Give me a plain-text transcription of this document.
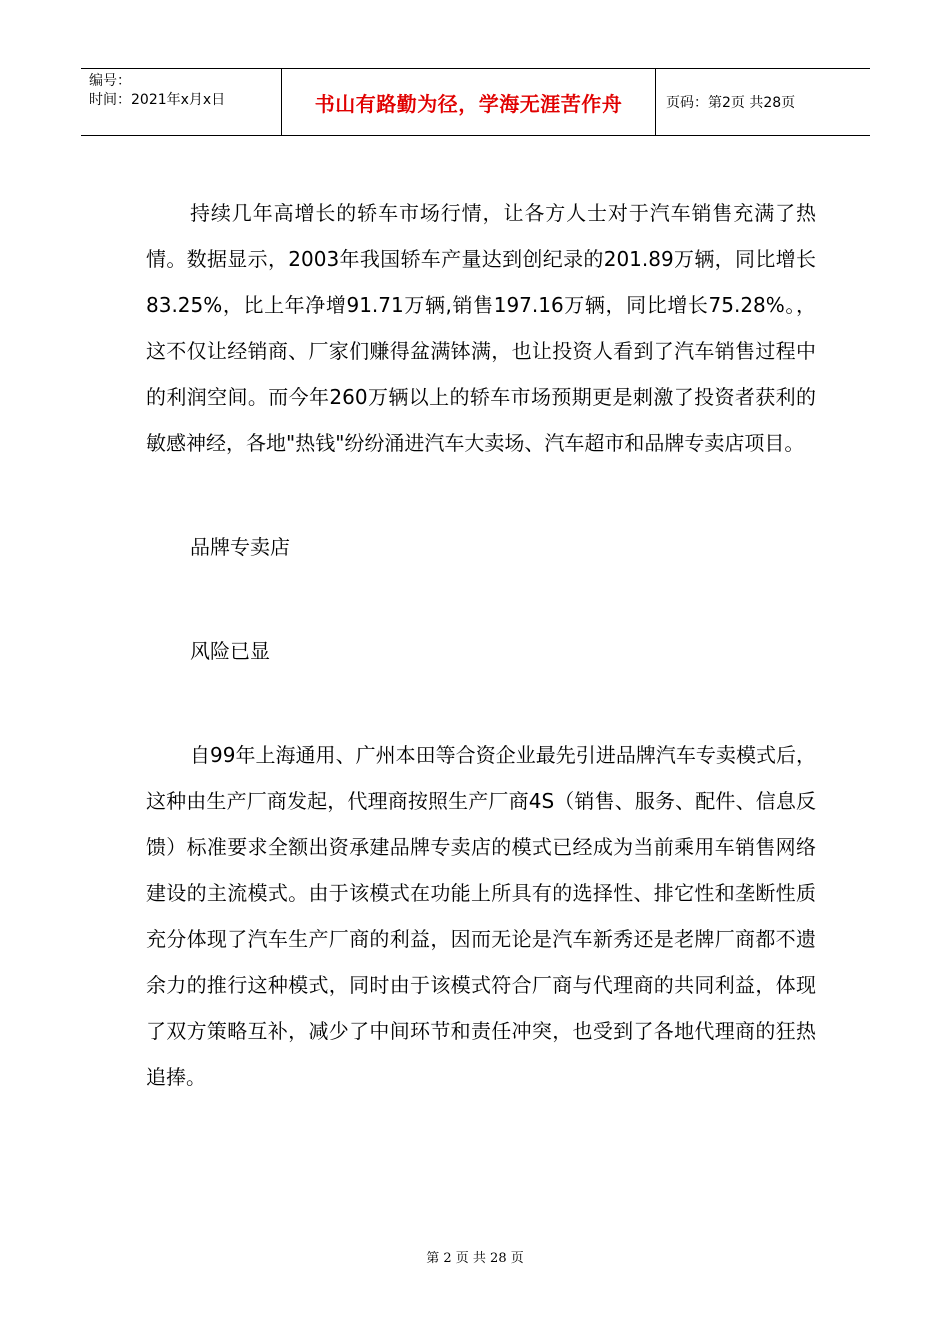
编号：
时间：2021年x月x日	书山有路勤为径，学海无涯苦作舟	页码：第2页 共28页

持续几年高增长的轿车市场行情，让各方人士对于汽车销售充满了热情。数据显示，2003年我国轿车产量达到创纪录的201.89万辆，同比增长83.25%，比上年净增91.71万辆,销售197.16万辆，同比增长75.28%。，这不仅让经销商、厂家们赚得盆满钵满，也让投资人看到了汽车销售过程中的利润空间。而今年260万辆以上的轿车市场预期更是刺激了投资者获利的敏感神经，各地"热钱"纷纷涌进汽车大卖场、汽车超市和品牌专卖店项目。

品牌专卖店

风险已显

自99年上海通用、广州本田等合资企业最先引进品牌汽车专卖模式后，这种由生产厂商发起，代理商按照生产厂商4S（销售、服务、配件、信息反馈）标准要求全额出资承建品牌专卖店的模式已经成为当前乘用车销售网络建设的主流模式。由于该模式在功能上所具有的选择性、排它性和垄断性质充分体现了汽车生产厂商的利益，因而无论是汽车新秀还是老牌厂商都不遗余力的推行这种模式，同时由于该模式符合厂商与代理商的共同利益，体现了双方策略互补，减少了中间环节和责任冲突，也受到了各地代理商的狂热追捧。

第 2 页 共 28 页
